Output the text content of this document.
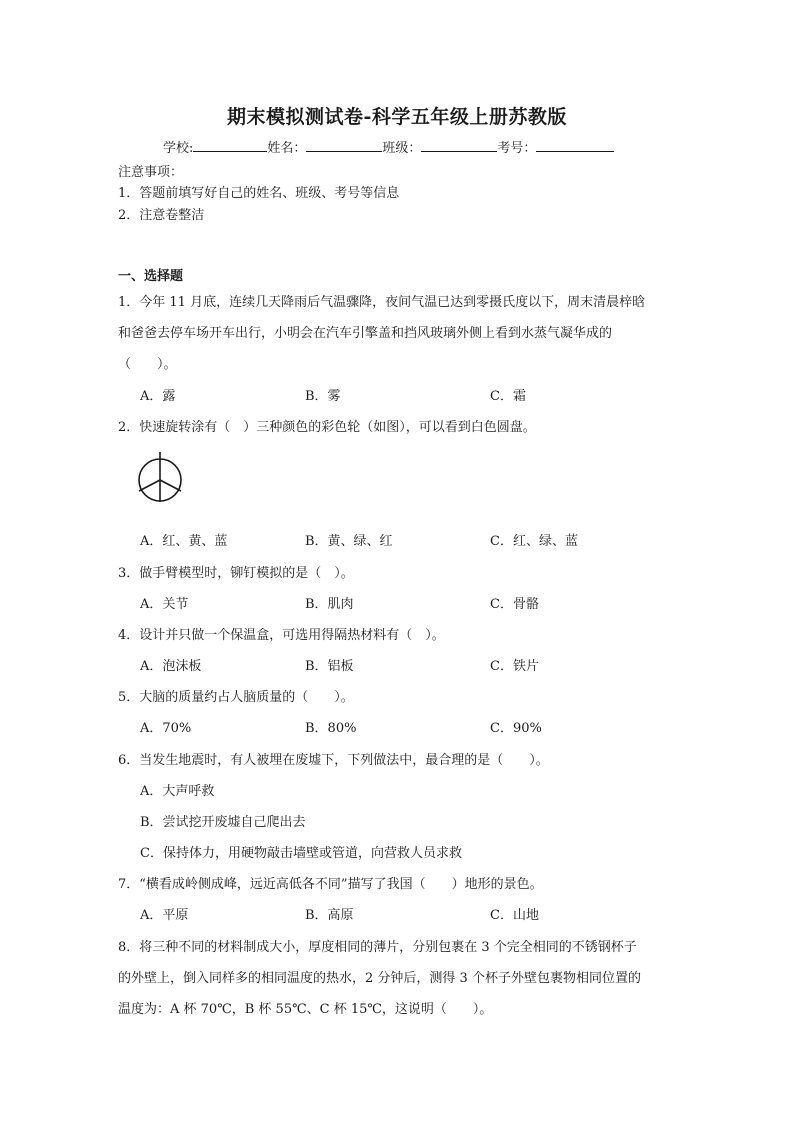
期末模拟测试卷-科学五年级上册苏教版
学校:	姓名：	班级：	考号：
注意事项：
1．答题前填写好自己的姓名、班级、考号等信息
2．注意卷整洁
一、选择题
1．今年 11 月底，连续几天降雨后气温骤降，夜间气温已达到零摄氏度以下，周末清晨梓晗
和爸爸去停车场开车出行，小明会在汽车引擎盖和挡风玻璃外侧上看到水蒸气凝华成的
（　　）。
A．露	B．雾	C．霜
2．快速旋转涂有（　）三种颜色的彩色轮（如图），可以看到白色圆盘。
A．红、黄、蓝	B．黄、绿、红	C．红、绿、蓝
3．做手臂模型时，铆钉模拟的是（　）。
A．关节	B．肌肉	C．骨骼
4．设计并只做一个保温盒，可选用得隔热材料有（　）。
A．泡沫板	B．铝板	C．铁片
5．大脑的质量约占人脑质量的（　　）。
A．70%	B．80%	C．90%
6．当发生地震时，有人被埋在废墟下，下列做法中，最合理的是（　　）。
A．大声呼救
B．尝试挖开废墟自己爬出去
C．保持体力，用硬物敲击墙壁或管道，向营救人员求救
7．“横看成岭侧成峰，远近高低各不同”描写了我国（　　）地形的景色。
A．平原	B．高原	C．山地
8．将三种不同的材料制成大小，厚度相同的薄片，分别包裹在 3 个完全相同的不锈钢杯子
的外壁上，倒入同样多的相同温度的热水，2 分钟后，测得 3 个杯子外壁包裹物相同位置的
温度为：A 杯 70℃，B 杯 55℃、C 杯 15℃，这说明（　　）。
